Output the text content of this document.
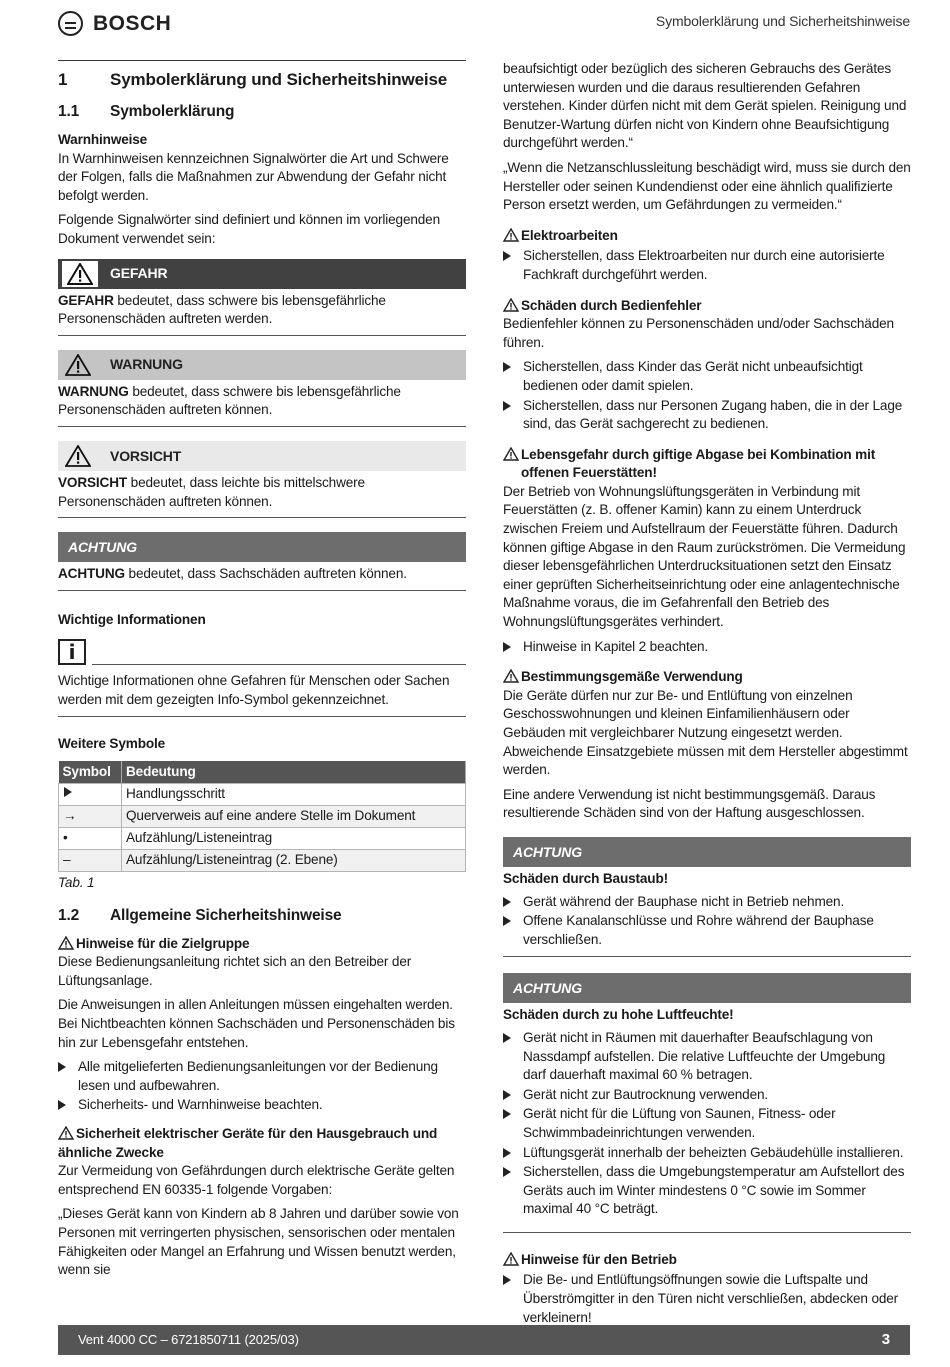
BOSCH	Symbolerklärung und Sicherheitshinweise
1	Symbolerklärung und Sicherheitshinweise
1.1	Symbolerklärung
Warnhinweise

In Warnhinweisen kennzeichnen Signalwörter die Art und Schwere der Folgen, falls die Maßnahmen zur Abwendung der Gefahr nicht befolgt werden.

Folgende Signalwörter sind definiert und können im vorliegenden Dokument verwendet sein:

GEFAHR
GEFAHR bedeutet, dass schwere bis lebensgefährliche Personenschäden auftreten werden.
WARNUNG
WARNUNG bedeutet, dass schwere bis lebensgefährliche Personenschäden auftreten können.
VORSICHT
VORSICHT bedeutet, dass leichte bis mittelschwere Personenschäden auftreten können.
ACHTUNG
ACHTUNG bedeutet, dass Sachschäden auftreten können.
Wichtige Informationen
i
Wichtige Informationen ohne Gefahren für Menschen oder Sachen werden mit dem gezeigten Info-Symbol gekennzeichnet.
Weitere Symbole
Symbol	Bedeutung
	Handlungsschritt
→	Querverweis auf eine andere Stelle im Dokument
•	Aufzählung/Listeneintrag
–	Aufzählung/Listeneintrag (2. Ebene)
Tab. 1
1.2	Allgemeine Sicherheitshinweise
Hinweise für die Zielgruppe

Diese Bedienungsanleitung richtet sich an den Betreiber der Lüftungsanlage.

Die Anweisungen in allen Anleitungen müssen eingehalten werden. Bei Nichtbeachten können Sachschäden und Personenschäden bis hin zur Lebensgefahr entstehen.

Alle mitgelieferten Bedienungsanleitungen vor der Bedienung lesen und aufbewahren.
Sicherheits- und Warnhinweise beachten.
Sicherheit elektrischer Geräte für den Hausgebrauch und ähnliche Zwecke

Zur Vermeidung von Gefährdungen durch elektrische Geräte gelten entsprechend EN 60335-1 folgende Vorgaben:

„Dieses Gerät kann von Kindern ab 8 Jahren und darüber sowie von Personen mit verringerten physischen, sensorischen oder mentalen Fähigkeiten oder Mangel an Erfahrung und Wissen benutzt werden, wenn sie

beaufsichtigt oder bezüglich des sicheren Gebrauchs des Gerätes unterwiesen wurden und die daraus resultierenden Gefahren verstehen. Kinder dürfen nicht mit dem Gerät spielen. Reinigung und Benutzer-Wartung dürfen nicht von Kindern ohne Beaufsichtigung durchgeführt werden.“

„Wenn die Netzanschlussleitung beschädigt wird, muss sie durch den Hersteller oder seinen Kundendienst oder eine ähnlich qualifizierte Person ersetzt werden, um Gefährdungen zu vermeiden.“

Elektroarbeiten
Sicherstellen, dass Elektroarbeiten nur durch eine autorisierte Fachkraft durchgeführt werden.
Schäden durch Bedienfehler

Bedienfehler können zu Personenschäden und/oder Sachschäden führen.

Sicherstellen, dass Kinder das Gerät nicht unbeaufsichtigt bedienen oder damit spielen.
Sicherstellen, dass nur Personen Zugang haben, die in der Lage sind, das Gerät sachgerecht zu bedienen.
Lebensgefahr durch giftige Abgase bei Kombination mit offenen Feuerstätten!

Der Betrieb von Wohnungslüftungsgeräten in Verbindung mit Feuerstätten (z. B. offener Kamin) kann zu einem Unterdruck zwischen Freiem und Aufstellraum der Feuerstätte führen. Dadurch können giftige Abgase in den Raum zurückströmen. Die Vermeidung dieser lebensgefährlichen Unterdrucksituationen setzt den Einsatz einer geprüften Sicherheitseinrichtung oder eine anlagentechnische Maßnahme voraus, die im Gefahrenfall den Betrieb des Wohnungslüftungsgerätes verhindert.

Hinweise in Kapitel 2 beachten.
Bestimmungsgemäße Verwendung

Die Geräte dürfen nur zur Be- und Entlüftung von einzelnen Geschosswohnungen und kleinen Einfamilienhäusern oder Gebäuden mit vergleichbarer Nutzung eingesetzt werden. Abweichende Einsatzgebiete müssen mit dem Hersteller abgestimmt werden.

Eine andere Verwendung ist nicht bestimmungsgemäß. Daraus resultierende Schäden sind von der Haftung ausgeschlossen.

ACHTUNG
Schäden durch Baustaub!
Gerät während der Bauphase nicht in Betrieb nehmen.
Offene Kanalanschlüsse und Rohre während der Bauphase verschließen.
ACHTUNG
Schäden durch zu hohe Luftfeuchte!
Gerät nicht in Räumen mit dauerhafter Beaufschlagung von Nassdampf aufstellen. Die relative Luftfeuchte der Umgebung darf dauerhaft maximal 60 % betragen.
Gerät nicht zur Bautrocknung verwenden.
Gerät nicht für die Lüftung von Saunen, Fitness- oder Schwimmbadeinrichtungen verwenden.
Lüftungsgerät innerhalb der beheizten Gebäudehülle installieren.
Sicherstellen, dass die Umgebungstemperatur am Aufstellort des Geräts auch im Winter mindestens 0 °C sowie im Sommer maximal 40 °C beträgt.
Hinweise für den Betrieb
Die Be- und Entlüftungsöffnungen sowie die Luftspalte und Überströmgitter in den Türen nicht verschließen, abdecken oder verkleinern!
Vent 4000 CC – 6721850711 (2025/03)	3
